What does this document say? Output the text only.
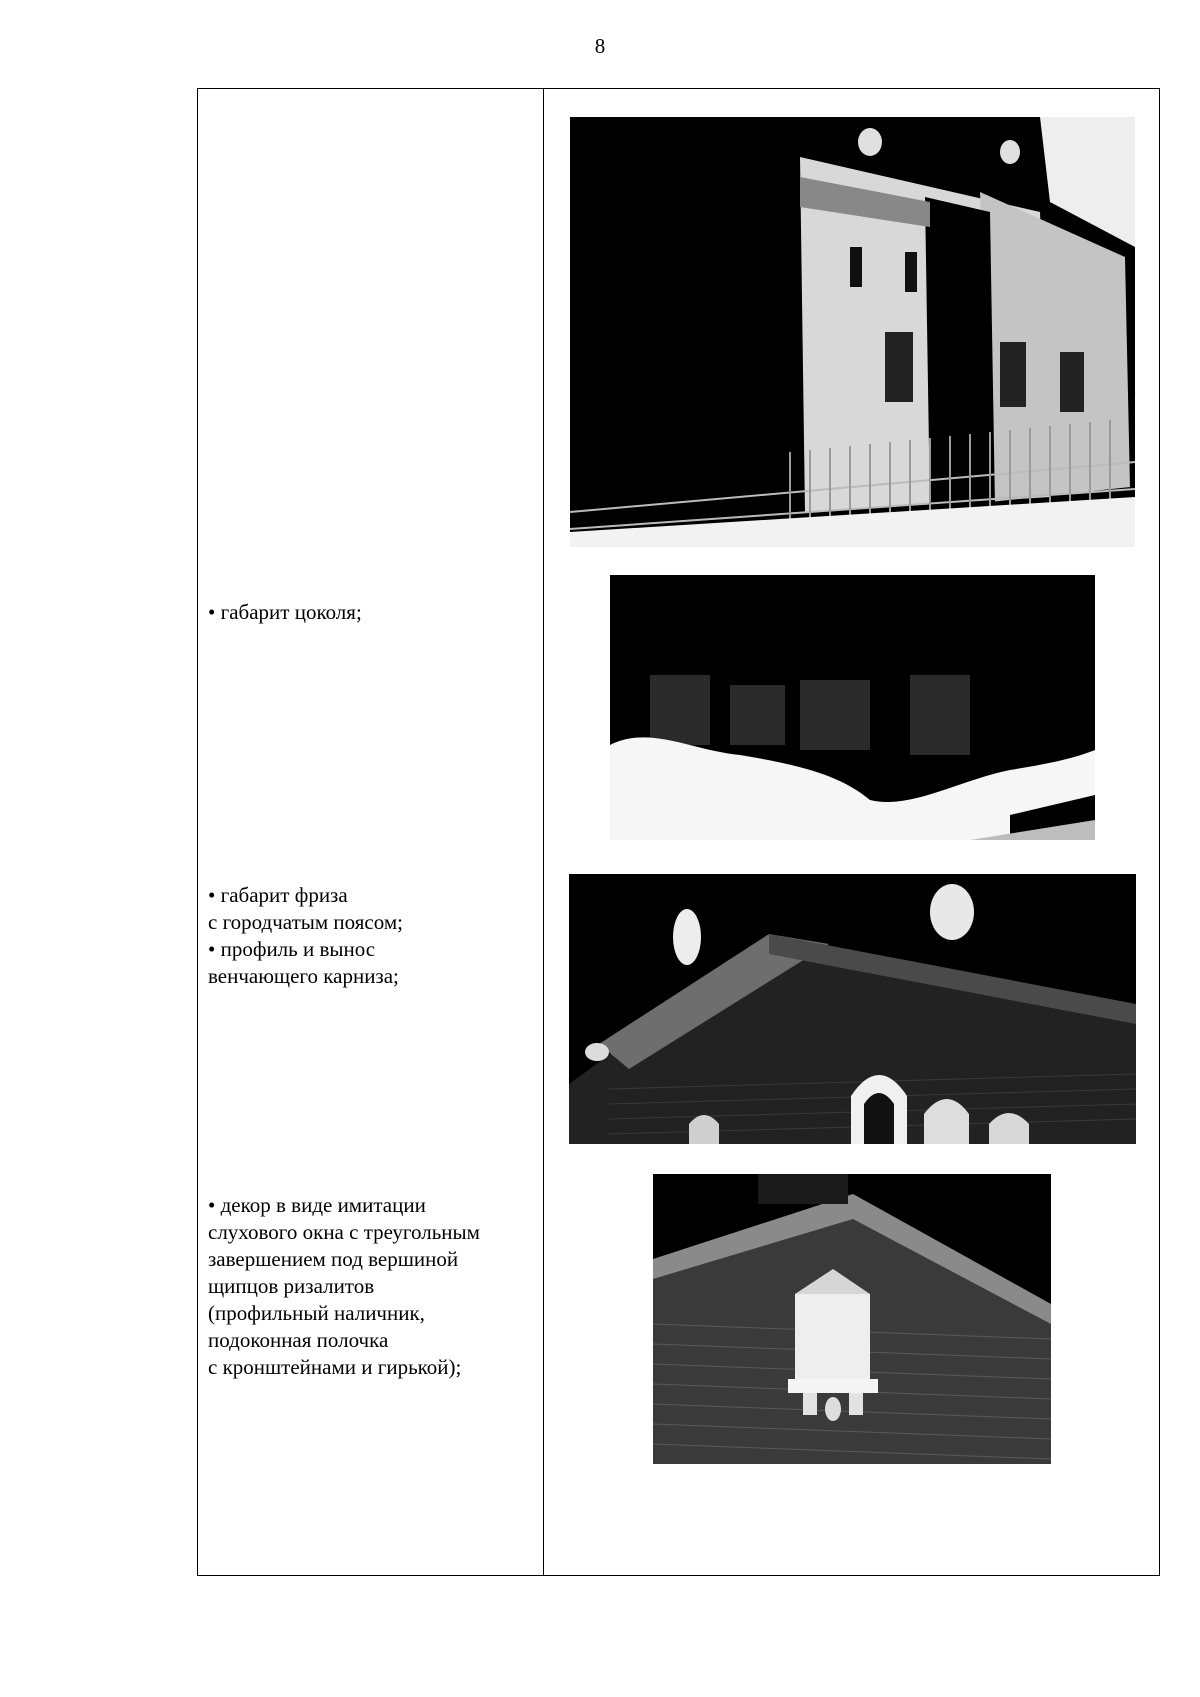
8
• габарит цоколя;
• габарит фриза
с городчатым поясом;
• профиль и вынос
венчающего карниза;
• декор в виде имитации
слухового окна с треугольным
завершением под вершиной
щипцов ризалитов
(профильный наличник,
подоконная полочка
с кронштейнами и гирькой);
